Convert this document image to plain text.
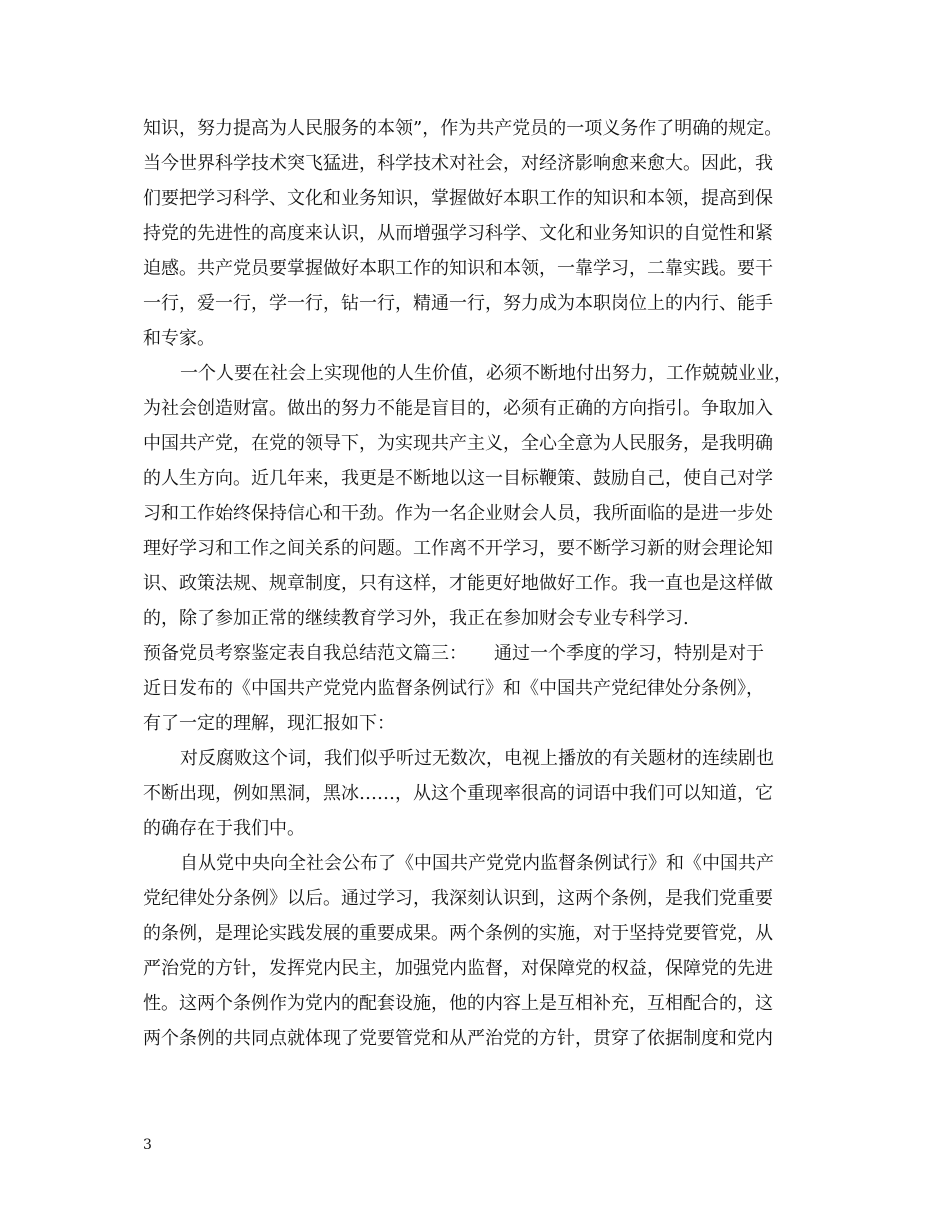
知识，努力提高为人民服务的本领”，作为共产党员的一项义务作了明确的规定。
当今世界科学技术突飞猛进，科学技术对社会，对经济影响愈来愈大。因此，我
们要把学习科学、文化和业务知识，掌握做好本职工作的知识和本领，提高到保
持党的先进性的高度来认识，从而增强学习科学、文化和业务知识的自觉性和紧
迫感。共产党员要掌握做好本职工作的知识和本领，一靠学习，二靠实践。要干
一行，爱一行，学一行，钻一行，精通一行，努力成为本职岗位上的内行、能手
和专家。
一个人要在社会上实现他的人生价值，必须不断地付出努力，工作兢兢业业，
为社会创造财富。做出的努力不能是盲目的，必须有正确的方向指引。争取加入
中国共产党，在党的领导下，为实现共产主义，全心全意为人民服务，是我明确
的人生方向。近几年来，我更是不断地以这一目标鞭策、鼓励自己，使自己对学
习和工作始终保持信心和干劲。作为一名企业财会人员，我所面临的是进一步处
理好学习和工作之间关系的问题。工作离不开学习，要不断学习新的财会理论知
识、政策法规、规章制度，只有这样，才能更好地做好工作。我一直也是这样做
的，除了参加正常的继续教育学习外，我正在参加财会专业专科学习.
预备党员考察鉴定表自我总结范文篇三：　　通过一个季度的学习，特别是对于
近日发布的《中国共产党党内监督条例试行》和《中国共产党纪律处分条例》，
有了一定的理解，现汇报如下：
对反腐败这个词，我们似乎听过无数次，电视上播放的有关题材的连续剧也
不断出现，例如黑洞，黑冰……，从这个重现率很高的词语中我们可以知道，它
的确存在于我们中。
自从党中央向全社会公布了《中国共产党党内监督条例试行》和《中国共产
党纪律处分条例》以后。通过学习，我深刻认识到，这两个条例，是我们党重要
的条例，是理论实践发展的重要成果。两个条例的实施，对于坚持党要管党，从
严治党的方针，发挥党内民主，加强党内监督，对保障党的权益，保障党的先进
性。这两个条例作为党内的配套设施，他的内容上是互相补充，互相配合的，这
两个条例的共同点就体现了党要管党和从严治党的方针，贯穿了依据制度和党内
3
